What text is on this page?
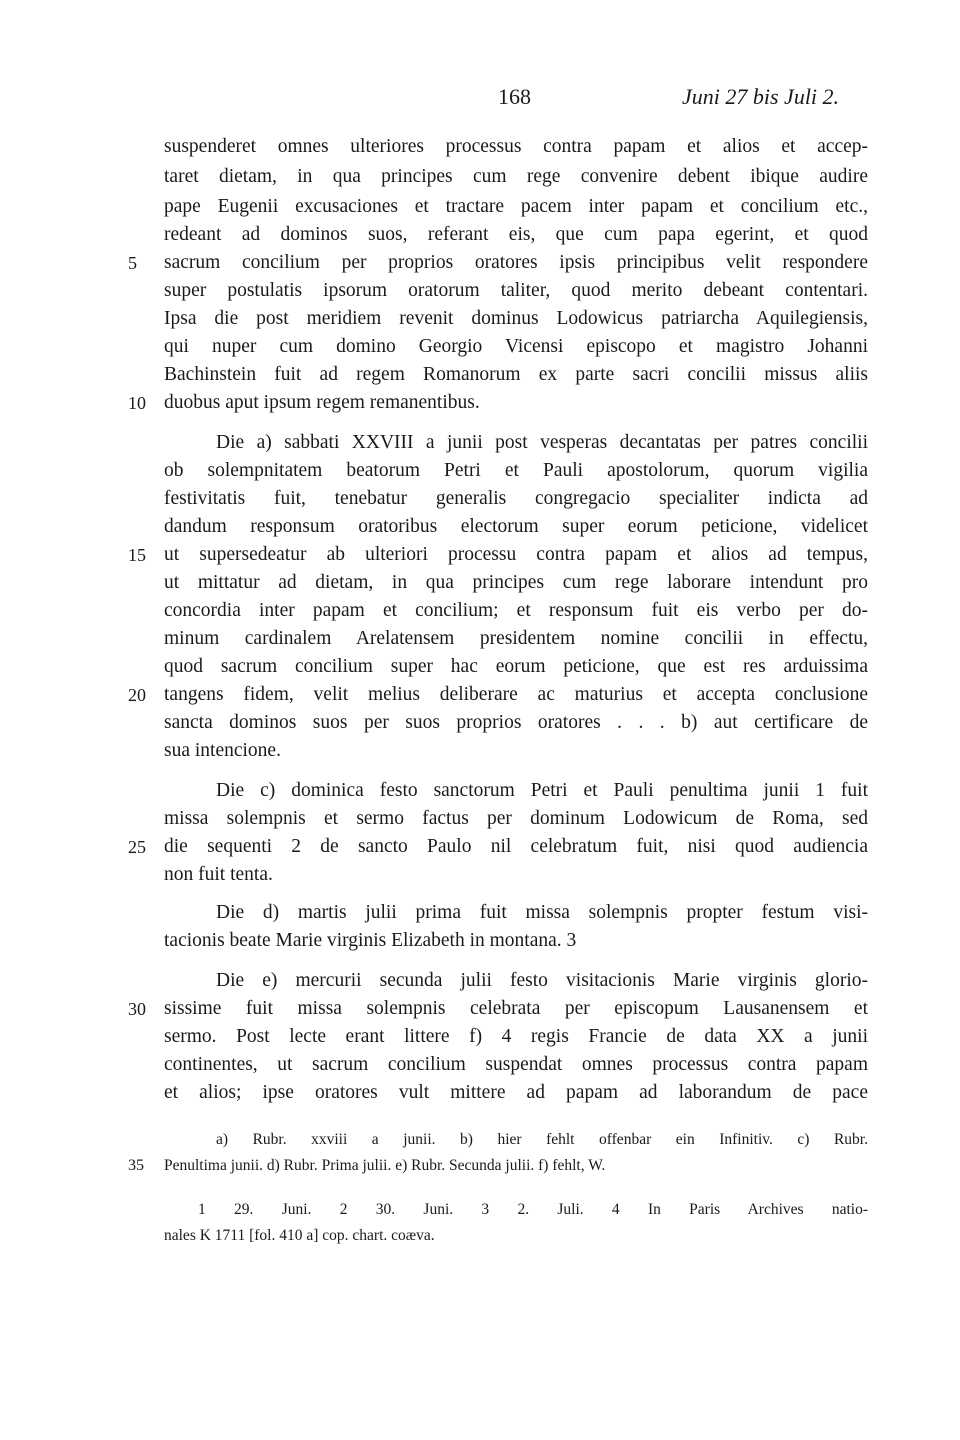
168	Juni 27 bis Juli 2.
suspenderet omnes ulteriores processus contra papam et alios et accep-
taret dietam, in qua principes cum rege convenire debent ibique audire
pape Eugenii excusaciones et tractare pacem inter papam et concilium etc.,
redeant ad dominos suos, referant eis, que cum papa egerint, et quod
sacrum concilium per proprios oratores ipsis principibus velit respondere
super postulatis ipsorum oratorum taliter, quod merito debeant contentari.
Ipsa die post meridiem revenit dominus Lodowicus patriarcha Aquilegiensis,
qui nuper cum domino Georgio Vicensi episcopo et magistro Johanni
Bachinstein fuit ad regem Romanorum ex parte sacri concilii missus aliis
duobus aput ipsum regem remanentibus.
Die a) sabbati XXVIII a junii post vesperas decantatas per patres concilii
ob solempnitatem beatorum Petri et Pauli apostolorum, quorum vigilia
festivitatis fuit, tenebatur generalis congregacio specialiter indicta ad
dandum responsum oratoribus electorum super eorum peticione, videlicet
ut supersedeatur ab ulteriori processu contra papam et alios ad tempus,
ut mittatur ad dietam, in qua principes cum rege laborare intendunt pro
concordia inter papam et concilium; et responsum fuit eis verbo per do-
minum cardinalem Arelatensem presidentem nomine concilii in effectu,
quod sacrum concilium super hac eorum peticione, que est res arduissima
tangens fidem, velit melius deliberare ac maturius et accepta conclusione
sancta dominos suos per suos proprios oratores . . . b) aut certificare de
sua intencione.
Die c) dominica festo sanctorum Petri et Pauli penultima junii 1 fuit
missa solempnis et sermo factus per dominum Lodowicum de Roma, sed
die sequenti 2 de sancto Paulo nil celebratum fuit, nisi quod audiencia
non fuit tenta.
Die d) martis julii prima fuit missa solempnis propter festum visi-
tacionis beate Marie virginis Elizabeth in montana. 3
Die e) mercurii secunda julii festo visitacionis Marie virginis glorio-
sissime fuit missa solempnis celebrata per episcopum Lausanensem et
sermo. Post lecte erant littere f) 4 regis Francie de data XX a junii
continentes, ut sacrum concilium suspendat omnes processus contra papam
et alios; ipse oratores vult mittere ad papam ad laborandum de pace
a) Rubr. xxviii a junii. b) hier fehlt offenbar ein Infinitiv. c) Rubr.
Penultima junii. d) Rubr. Prima julii. e) Rubr. Secunda julii. f) fehlt, W.
1 29. Juni. 2 30. Juni. 3 2. Juli. 4 In Paris Archives natio-
nales K 1711 [fol. 410 a] cop. chart. coæva.
5
10
15
20
25
30
35
